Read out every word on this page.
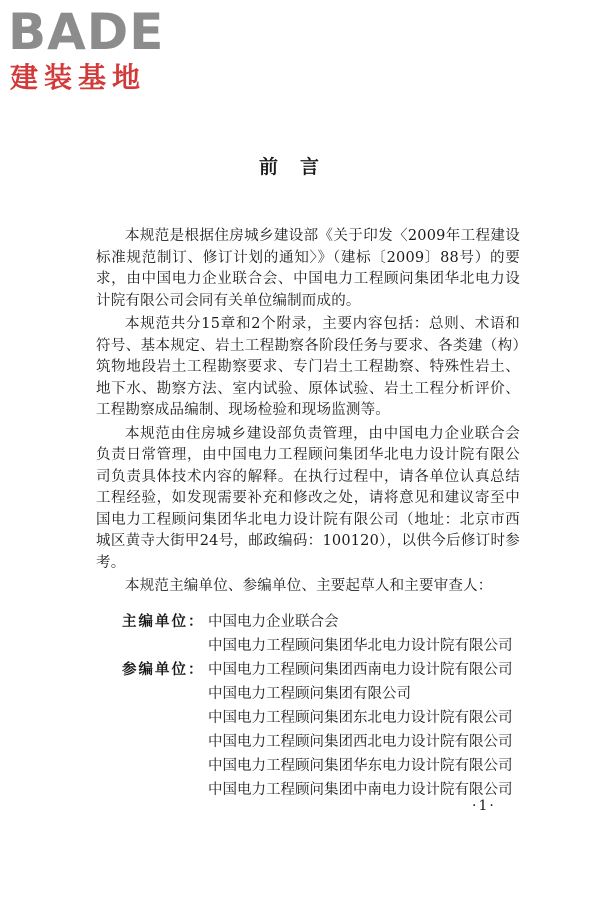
BADE
建装基地
前言

本规范是根据住房城乡建设部《关于印发〈2009年工程建设标准规范制订、修订计划的通知〉》（建标〔2009〕88号）的要求，由中国电力企业联合会、中国电力工程顾问集团华北电力设计院有限公司会同有关单位编制而成的。

本规范共分15章和2个附录，主要内容包括：总则、术语和符号、基本规定、岩土工程勘察各阶段任务与要求、各类建（构）筑物地段岩土工程勘察要求、专门岩土工程勘察、特殊性岩土、地下水、勘察方法、室内试验、原体试验、岩土工程分析评价、工程勘察成品编制、现场检验和现场监测等。

本规范由住房城乡建设部负责管理，由中国电力企业联合会负责日常管理，由中国电力工程顾问集团华北电力设计院有限公司负责具体技术内容的解释。在执行过程中，请各单位认真总结工程经验，如发现需要补充和修改之处，请将意见和建议寄至中国电力工程顾问集团华北电力设计院有限公司（地址：北京市西城区黄寺大街甲24号，邮政编码：100120），以供今后修订时参考。

本规范主编单位、参编单位、主要起草人和主要审查人：

主编单位： 中国电力企业联合会
中国电力工程顾问集团华北电力设计院有限公司
参编单位： 中国电力工程顾问集团西南电力设计院有限公司
中国电力工程顾问集团有限公司
中国电力工程顾问集团东北电力设计院有限公司
中国电力工程顾问集团西北电力设计院有限公司
中国电力工程顾问集团华东电力设计院有限公司
中国电力工程顾问集团中南电力设计院有限公司
·1·
